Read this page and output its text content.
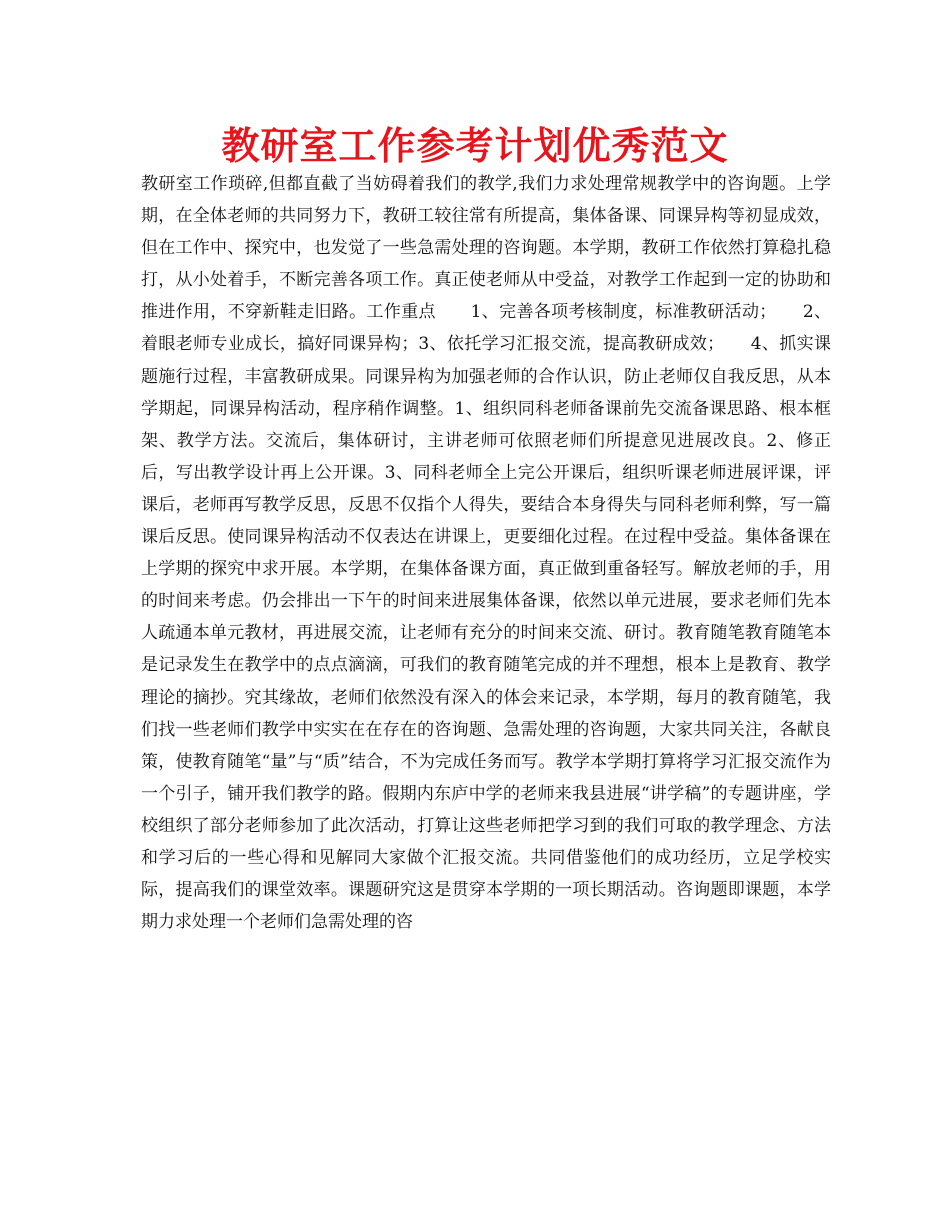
教研室工作参考计划优秀范文

教研室工作琐碎,但都直截了当妨碍着我们的教学,我们力求处理常规教学中的咨询题。上学期，在全体老师的共同努力下，教研工较往常有所提高，集体备课、同课异构等初显成效，但在工作中、探究中，也发觉了一些急需处理的咨询题。本学期，教研工作依然打算稳扎稳打，从小处着手，不断完善各项工作。真正使老师从中受益，对教学工作起到一定的协助和推进作用，不穿新鞋走旧路。工作重点　　1、完善各项考核制度，标准教研活动；　　2、着眼老师专业成长，搞好同课异构；3、依托学习汇报交流，提高教研成效；　　4、抓实课题施行过程，丰富教研成果。同课异构为加强老师的合作认识，防止老师仅自我反思，从本学期起，同课异构活动，程序稍作调整。1、组织同科老师备课前先交流备课思路、根本框架、教学方法。交流后，集体研讨，主讲老师可依照老师们所提意见进展改良。2、修正后，写出教学设计再上公开课。3、同科老师全上完公开课后，组织听课老师进展评课，评课后，老师再写教学反思，反思不仅指个人得失，要结合本身得失与同科老师利弊，写一篇课后反思。使同课异构活动不仅表达在讲课上，更要细化过程。在过程中受益。集体备课在上学期的探究中求开展。本学期，在集体备课方面，真正做到重备轻写。解放老师的手，用的时间来考虑。仍会排出一下午的时间来进展集体备课，依然以单元进展，要求老师们先本人疏通本单元教材，再进展交流，让老师有充分的时间来交流、研讨。教育随笔教育随笔本是记录发生在教学中的点点滴滴，可我们的教育随笔完成的并不理想，根本上是教育、教学理论的摘抄。究其缘故，老师们依然没有深入的体会来记录，本学期，每月的教育随笔，我们找一些老师们教学中实实在在存在的咨询题、急需处理的咨询题，大家共同关注，各献良策，使教育随笔“量”与“质”结合，不为完成任务而写。教学本学期打算将学习汇报交流作为一个引子，铺开我们教学的路。假期内东庐中学的老师来我县进展“讲学稿”的专题讲座，学校组织了部分老师参加了此次活动，打算让这些老师把学习到的我们可取的教学理念、方法和学习后的一些心得和见解同大家做个汇报交流。共同借鉴他们的成功经历，立足学校实际，提高我们的课堂效率。课题研究这是贯穿本学期的一项长期活动。咨询题即课题，本学期力求处理一个老师们急需处理的咨
